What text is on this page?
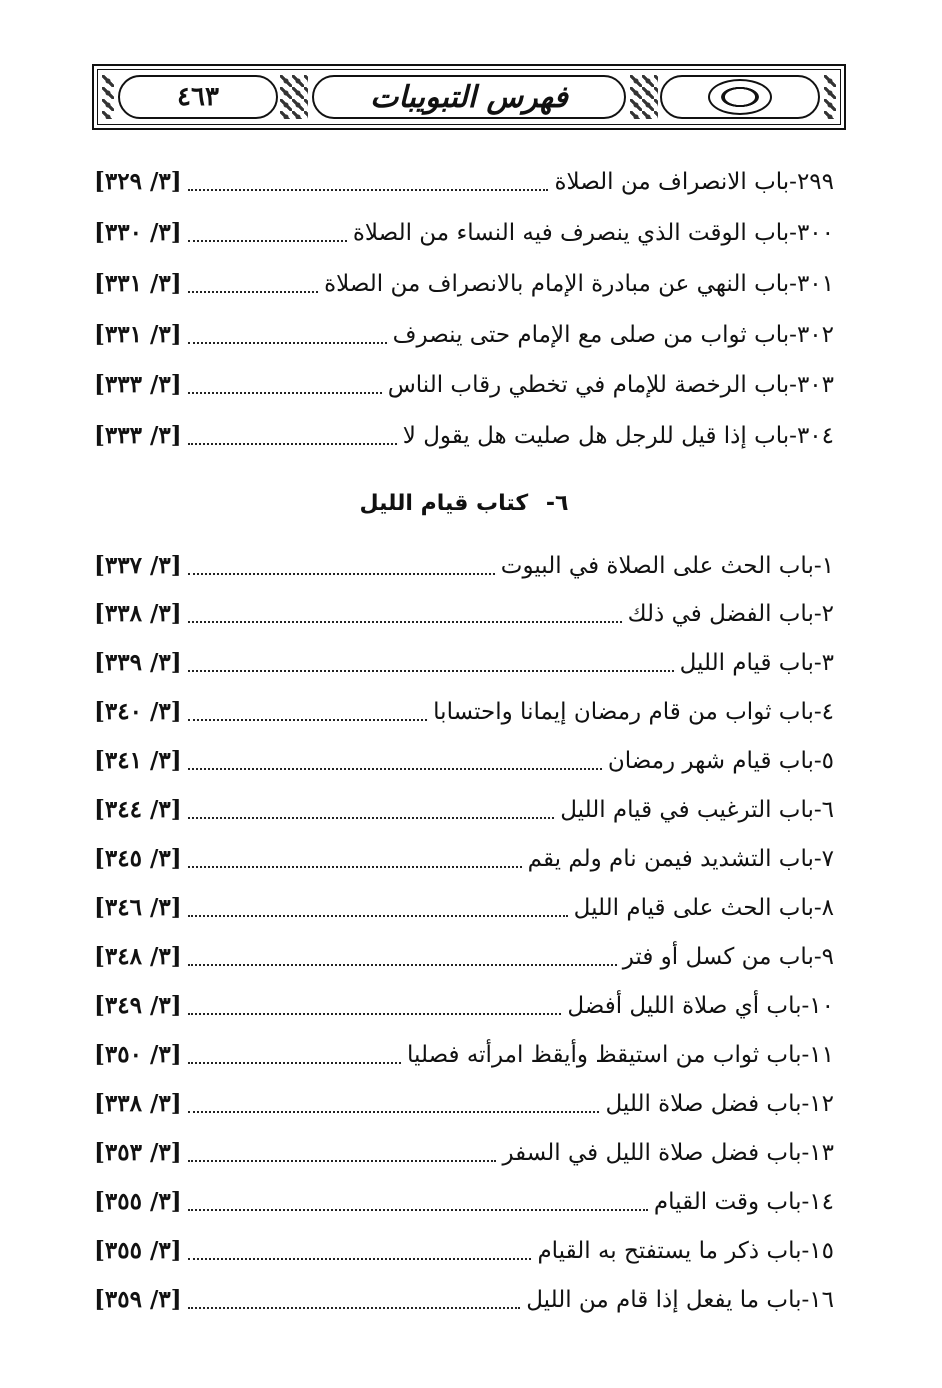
٤٦٣	فهرس التبويبات
٢٩٩-
باب الانصراف من الصلاة
[٣/ ٣٢٩]
٣٠٠-
باب الوقت الذي ينصرف فيه النساء من الصلاة
[٣/ ٣٣٠]
٣٠١-
باب النهي عن مبادرة الإمام بالانصراف من الصلاة
[٣/ ٣٣١]
٣٠٢-
باب ثواب من صلى مع الإمام حتى ينصرف
[٣/ ٣٣١]
٣٠٣-
باب الرخصة للإمام في تخطي رقاب الناس
[٣/ ٣٣٣]
٣٠٤-
باب إذا قيل للرجل هل صليت هل يقول لا
[٣/ ٣٣٣]
٦- كتاب قيام الليل
١-
باب الحث على الصلاة في البيوت
[٣/ ٣٣٧]
٢-
باب الفضل في ذلك
[٣/ ٣٣٨]
٣-
باب قيام الليل
[٣/ ٣٣٩]
٤-
باب ثواب من قام رمضان إيمانا واحتسابا
[٣/ ٣٤٠]
٥-
باب قيام شهر رمضان
[٣/ ٣٤١]
٦-
باب الترغيب في قيام الليل
[٣/ ٣٤٤]
٧-
باب التشديد فيمن نام ولم يقم
[٣/ ٣٤٥]
٨-
باب الحث على قيام الليل
[٣/ ٣٤٦]
٩-
باب من كسل أو فتر
[٣/ ٣٤٨]
١٠-
باب أي صلاة الليل أفضل
[٣/ ٣٤٩]
١١-
باب ثواب من استيقظ وأيقظ امرأته فصليا
[٣/ ٣٥٠]
١٢-
باب فضل صلاة الليل
[٣/ ٣٣٨]
١٣-
باب فضل صلاة الليل في السفر
[٣/ ٣٥٣]
١٤-
باب وقت القيام
[٣/ ٣٥٥]
١٥-
باب ذكر ما يستفتح به القيام
[٣/ ٣٥٥]
١٦-
باب ما يفعل إذا قام من الليل
[٣/ ٣٥٩]
